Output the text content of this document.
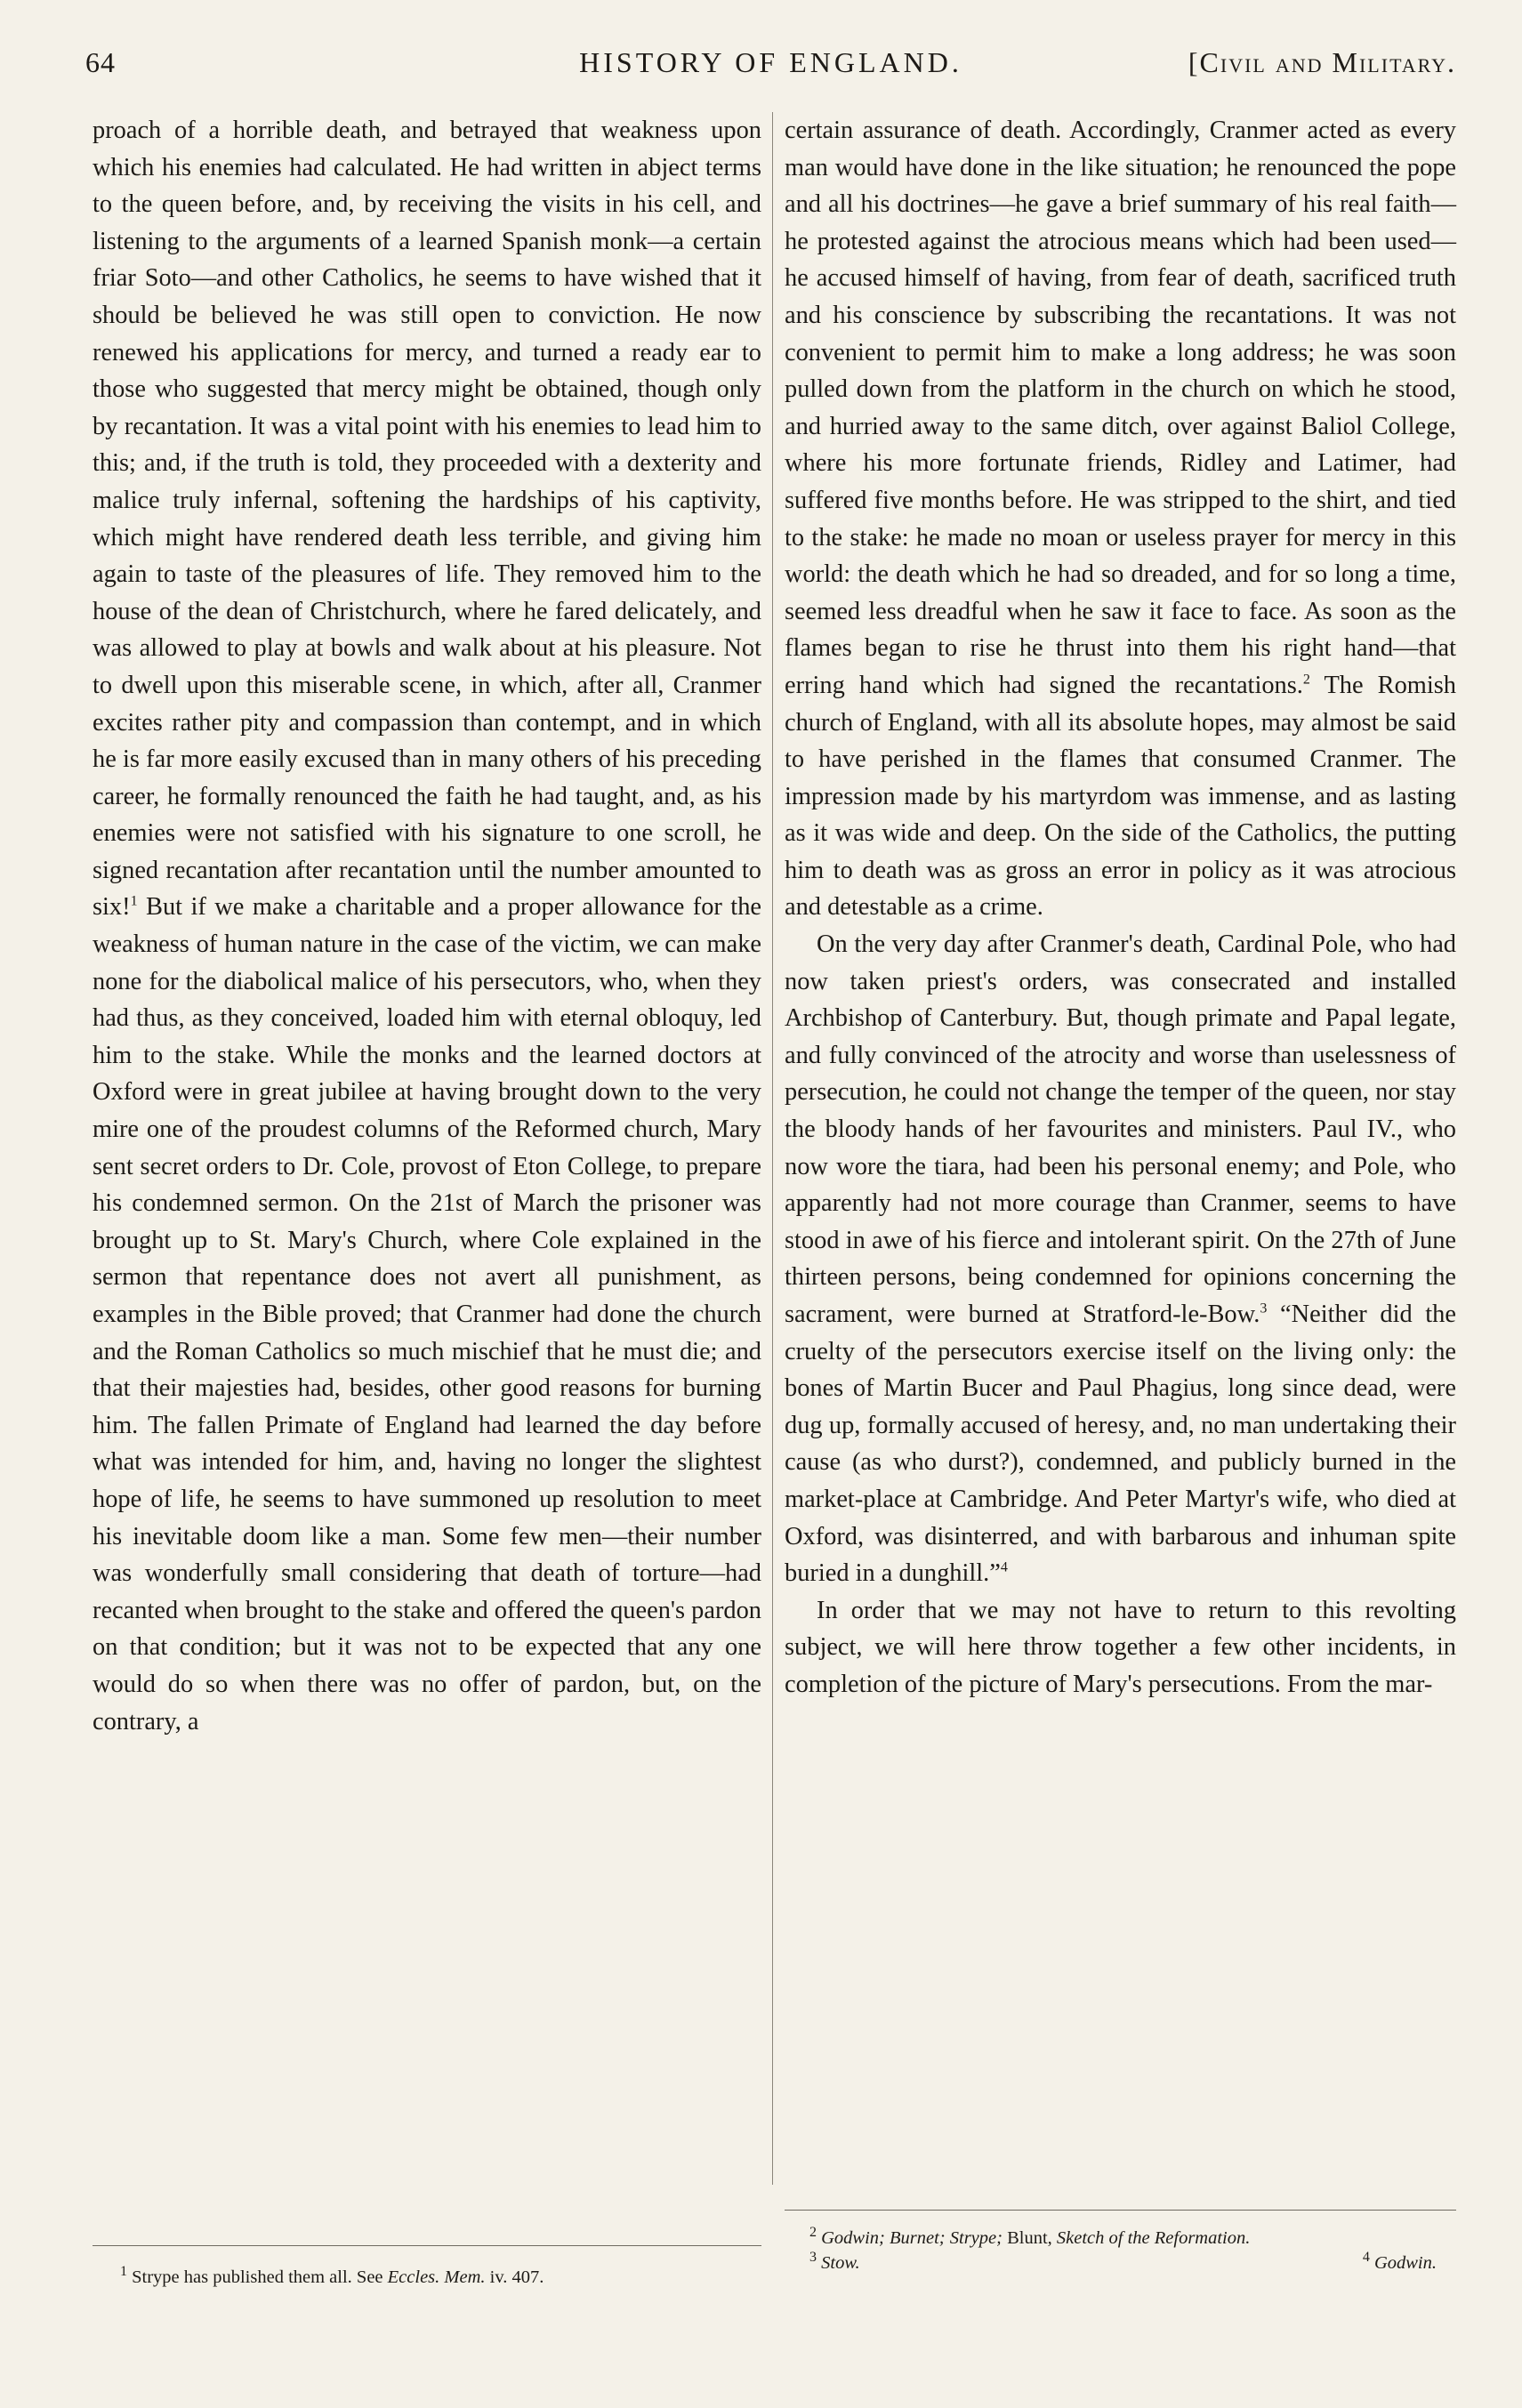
64	HISTORY OF ENGLAND.	[Civil and Military.

proach of a horrible death, and betrayed that weakness upon which his enemies had calculated. He had written in abject terms to the queen before, and, by receiving the visits in his cell, and listening to the arguments of a learned Spanish monk—a certain friar Soto—and other Catholics, he seems to have wished that it should be believed he was still open to conviction. He now renewed his applications for mercy, and turned a ready ear to those who suggested that mercy might be obtained, though only by recantation. It was a vital point with his enemies to lead him to this; and, if the truth is told, they proceeded with a dexterity and malice truly infernal, softening the hardships of his captivity, which might have rendered death less terrible, and giving him again to taste of the pleasures of life. They removed him to the house of the dean of Christchurch, where he fared delicately, and was allowed to play at bowls and walk about at his pleasure. Not to dwell upon this miserable scene, in which, after all, Cranmer excites rather pity and compassion than contempt, and in which he is far more easily excused than in many others of his preceding career, he formally renounced the faith he had taught, and, as his enemies were not satisfied with his signature to one scroll, he signed recantation after recantation until the number amounted to six!$^1$ But if we make a charitable and a proper allowance for the weakness of human nature in the case of the victim, we can make none for the diabolical malice of his persecutors, who, when they had thus, as they conceived, loaded him with eternal obloquy, led him to the stake. While the monks and the learned doctors at Oxford were in great jubilee at having brought down to the very mire one of the proudest columns of the Reformed church, Mary sent secret orders to Dr. Cole, provost of Eton College, to prepare his condemned sermon. On the 21st of March the prisoner was brought up to St. Mary's Church, where Cole explained in the sermon that repentance does not avert all punishment, as examples in the Bible proved; that Cranmer had done the church and the Roman Catholics so much mischief that he must die; and that their majesties had, besides, other good reasons for burning him. The fallen Primate of England had learned the day before what was intended for him, and, having no longer the slightest hope of life, he seems to have summoned up resolution to meet his inevitable doom like a man. Some few men—their number was wonderfully small considering that death of torture—had recanted when brought to the stake and offered the queen's pardon on that condition; but it was not to be expected that any one would do so when there was no offer of pardon, but, on the contrary, a

certain assurance of death. Accordingly, Cranmer acted as every man would have done in the like situation; he renounced the pope and all his doctrines—he gave a brief summary of his real faith—he protested against the atrocious means which had been used—he accused himself of having, from fear of death, sacrificed truth and his conscience by subscribing the recantations. It was not convenient to permit him to make a long address; he was soon pulled down from the platform in the church on which he stood, and hurried away to the same ditch, over against Baliol College, where his more fortunate friends, Ridley and Latimer, had suffered five months before. He was stripped to the shirt, and tied to the stake: he made no moan or useless prayer for mercy in this world: the death which he had so dreaded, and for so long a time, seemed less dreadful when he saw it face to face. As soon as the flames began to rise he thrust into them his right hand—that erring hand which had signed the recantations.$^2$ The Romish church of England, with all its absolute hopes, may almost be said to have perished in the flames that consumed Cranmer. The impression made by his martyrdom was immense, and as lasting as it was wide and deep. On the side of the Catholics, the putting him to death was as gross an error in policy as it was atrocious and detestable as a crime.

On the very day after Cranmer's death, Cardinal Pole, who had now taken priest's orders, was consecrated and installed Archbishop of Canterbury. But, though primate and Papal legate, and fully convinced of the atrocity and worse than uselessness of persecution, he could not change the temper of the queen, nor stay the bloody hands of her favourites and ministers. Paul IV., who now wore the tiara, had been his personal enemy; and Pole, who apparently had not more courage than Cranmer, seems to have stood in awe of his fierce and intolerant spirit. On the 27th of June thirteen persons, being condemned for opinions concerning the sacrament, were burned at Stratford-le-Bow.$^3$ “Neither did the cruelty of the persecutors exercise itself on the living only: the bones of Martin Bucer and Paul Phagius, long since dead, were dug up, formally accused of heresy, and, no man undertaking their cause (as who durst?), condemned, and publicly burned in the market-place at Cambridge. And Peter Martyr's wife, who died at Oxford, was disinterred, and with barbarous and inhuman spite buried in a dunghill.”$^4$

In order that we may not have to return to this revolting subject, we will here throw together a few other incidents, in completion of the picture of Mary's persecutions. From the mar-

$^1$ Strype has published them all. See Eccles. Mem. iv. 407.
$^2$ Godwin; Burnet; Strype; Blunt, Sketch of the Reformation.
$^3$ Stow.	$^4$ Godwin.
